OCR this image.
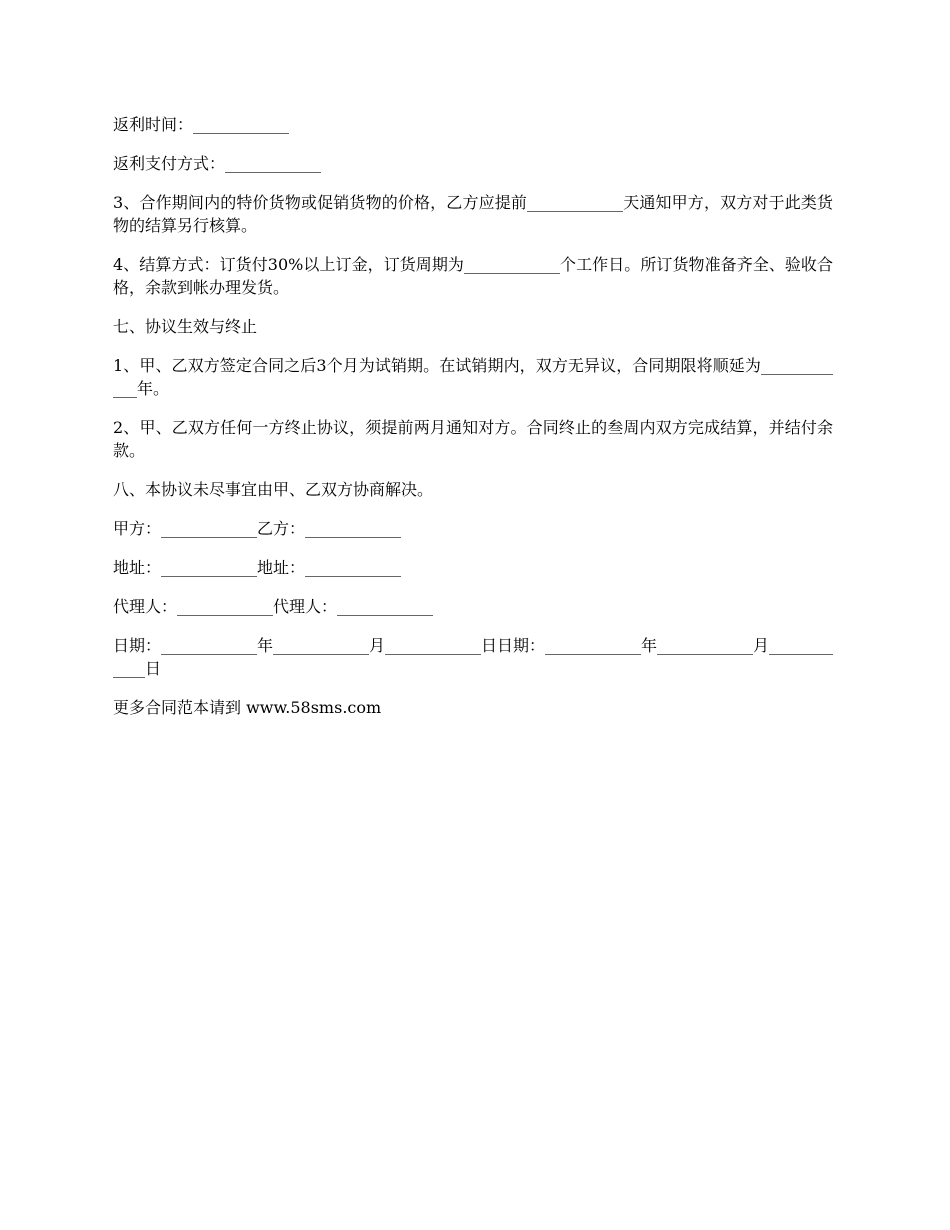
返利时间：____________

返利支付方式：____________

3、合作期间内的特价货物或促销货物的价格，乙方应提前____________天通知甲方，双方对于此类货物的结算另行核算。

4、结算方式：订货付30%以上订金，订货周期为____________个工作日。所订货物准备齐全、验收合格，余款到帐办理发货。

七、协议生效与终止

1、甲、乙双方签定合同之后3个月为试销期。在试销期内，双方无异议，合同期限将顺延为____________年。

2、甲、乙双方任何一方终止协议，须提前两月通知对方。合同终止的叁周内双方完成结算，并结付余款。

八、本协议未尽事宜由甲、乙双方协商解决。

甲方：____________乙方：____________

地址：____________地址：____________

代理人：____________代理人：____________

日期：____________年____________月____________日日期：____________年____________月____________日

更多合同范本请到 www.58sms.com
